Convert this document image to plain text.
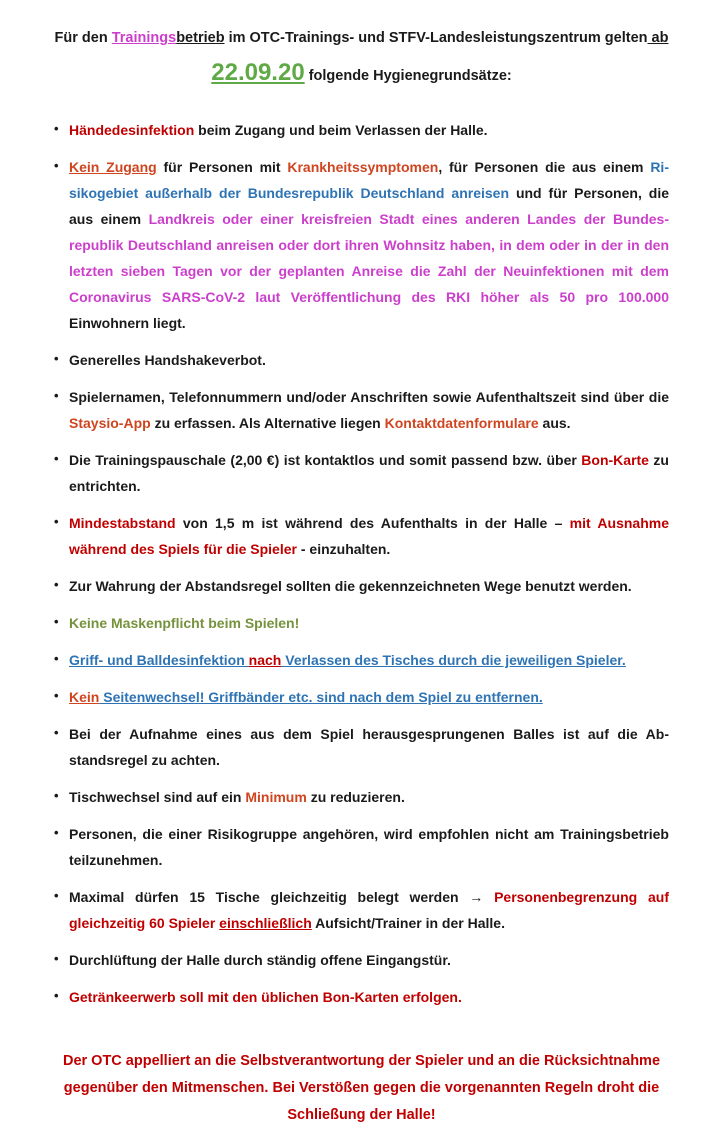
Für den Trainingsbetrieb im OTC-Trainings- und STFV-Landesleistungszentrum gelten ab
22.09.20 folgende Hygienegrundsätze:
• Händedesinfektion beim Zugang und beim Verlassen der Halle.
• Kein Zugang für Personen mit Krankheitssymptomen, für Personen die aus einem Risikogebiet außerhalb der Bundesrepublik Deutschland anreisen und für Personen, die aus einem Landkreis oder einer kreisfreien Stadt eines anderen Landes der Bundesrepublik Deutschland anreisen oder dort ihren Wohnsitz haben, in dem oder in der in den letzten sieben Tagen vor der geplanten Anreise die Zahl der Neuinfektionen mit dem Coronavirus SARS-CoV-2 laut Veröffentlichung des RKI höher als 50 pro 100.000 Einwohnern liegt.
• Generelles Handshakeverbot.
• Spielernamen, Telefonnummern und/oder Anschriften sowie Aufenthaltszeit sind über die Staysio-App zu erfassen. Als Alternative liegen Kontaktdatenformulare aus.
• Die Trainingspauschale (2,00 €) ist kontaktlos und somit passend bzw. über Bon-Karte zu entrichten.
• Mindestabstand von 1,5 m ist während des Aufenthalts in der Halle – mit Ausnahme während des Spiels für die Spieler - einzuhalten.
• Zur Wahrung der Abstandsregel sollten die gekennzeichneten Wege benutzt werden.
• Keine Maskenpflicht beim Spielen!
• Griff- und Balldesinfektion nach Verlassen des Tisches durch die jeweiligen Spieler.
• Kein Seitenwechsel! Griffbänder etc. sind nach dem Spiel zu entfernen.
• Bei der Aufnahme eines aus dem Spiel herausgesprungenen Balles ist auf die Abstandsregel zu achten.
• Tischwechsel sind auf ein Minimum zu reduzieren.
• Personen, die einer Risikogruppe angehören, wird empfohlen nicht am Trainingsbetrieb teilzunehmen.
• Maximal dürfen 15 Tische gleichzeitig belegt werden → Personenbegrenzung auf gleichzeitig 60 Spieler einschließlich Aufsicht/Trainer in der Halle.
• Durchlüftung der Halle durch ständig offene Eingangstür.
• Getränkeerwerb soll mit den üblichen Bon-Karten erfolgen.
Der OTC appelliert an die Selbstverantwortung der Spieler und an die Rücksichtnahme gegenüber den Mitmenschen. Bei Verstößen gegen die vorgenannten Regeln droht die Schließung der Halle!
